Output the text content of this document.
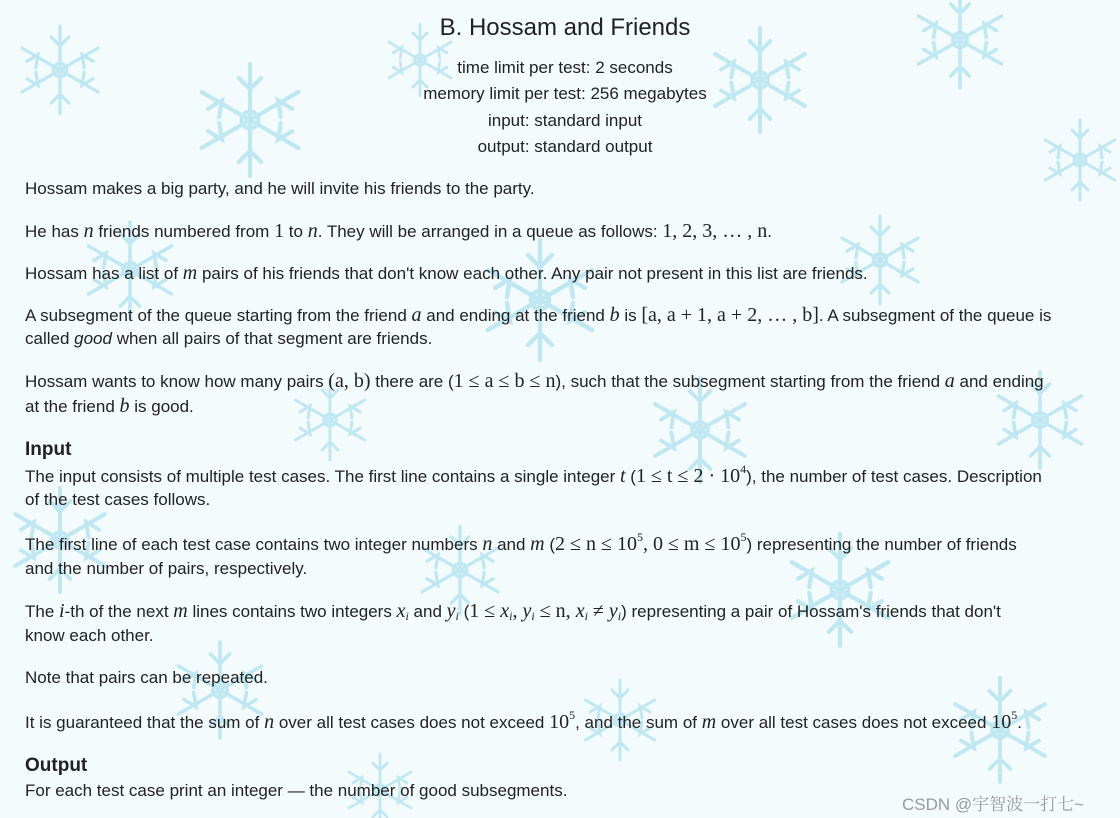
B. Hossam and Friends
time limit per test: 2 seconds
memory limit per test: 256 megabytes
input: standard input
output: standard output
Hossam makes a big party, and he will invite his friends to the party.
He has n friends numbered from 1 to n. They will be arranged in a queue as follows: 1, 2, 3, … , n.
Hossam has a list of m pairs of his friends that don't know each other. Any pair not present in this list are friends.
A subsegment of the queue starting from the friend a and ending at the friend b is [a, a + 1, a + 2, … , b]. A subsegment of the queue is
called good when all pairs of that segment are friends.
Hossam wants to know how many pairs (a, b) there are (1 ≤ a ≤ b ≤ n), such that the subsegment starting from the friend a and ending
at the friend b is good.
Input
The input consists of multiple test cases. The first line contains a single integer t $(1 \le t \le 2 \cdot 10^4)$, the number of test cases. Description
of the test cases follows.
The first line of each test case contains two integer numbers n and m ($2 \le n \le 10^5$, $0 \le m \le 10^5$) representing the number of friends
and the number of pairs, respectively.
The i-th of the next m lines contains two integers $x_i$ and $y_i$ ($1 \le x_i$, $y_i \le n$, $x_i \ne y_i$) representing a pair of Hossam's friends that don't
know each other.
Note that pairs can be repeated.
It is guaranteed that the sum of n over all test cases does not exceed $10^5$, and the sum of m over all test cases does not exceed $10^5$.
Output
For each test case print an integer — the number of good subsegments.
CSDN @宇智波一打七~
